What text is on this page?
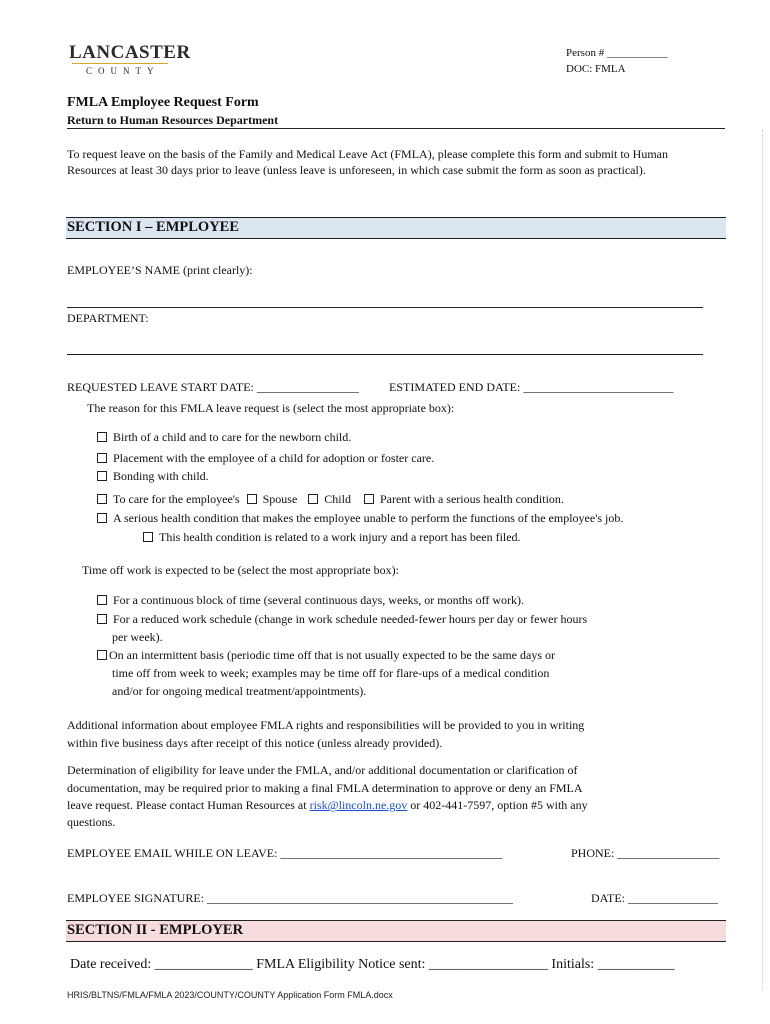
LANCASTER
COUNTY
Person # ___________
DOC: FMLA
FMLA Employee Request Form
Return to Human Resources Department
To request leave on the basis of the Family and Medical Leave Act (FMLA), please complete this form and submit to Human Resources at least 30 days prior to leave (unless leave is unforeseen, in which case submit the form as soon as practical).
SECTION I – EMPLOYEE
EMPLOYEE’S NAME (print clearly):
DEPARTMENT:
REQUESTED LEAVE START DATE: _________________	ESTIMATED END DATE: _________________________
The reason for this FMLA leave request is (select the most appropriate box):
Birth of a child and to care for the newborn child.
Placement with the employee of a child for adoption or foster care.
Bonding with child.
To care for the employee's Spouse Child Parent with a serious health condition.
A serious health condition that makes the employee unable to perform the functions of the employee's job.
This health condition is related to a work injury and a report has been filed.
Time off work is expected to be (select the most appropriate box):
For a continuous block of time (several continuous days, weeks, or months off work).
For a reduced work schedule (change in work schedule needed-fewer hours per day or fewer hours
per week).
On an intermittent basis (periodic time off that is not usually expected to be the same days or
time off from week to week; examples may be time off for flare-ups of a medical condition
and/or for ongoing medical treatment/appointments).
Additional information about employee FMLA rights and responsibilities will be provided to you in writing
within five business days after receipt of this notice (unless already provided).
Determination of eligibility for leave under the FMLA, and/or additional documentation or clarification of
documentation, may be required prior to making a final FMLA determination to approve or deny an FMLA
leave request. Please contact Human Resources at risk@lincoln.ne.gov or 402-441-7597, option #5 with any
questions.
EMPLOYEE EMAIL WHILE ON LEAVE: _____________________________________	PHONE: _________________
EMPLOYEE SIGNATURE: ___________________________________________________	DATE: _______________
SECTION II - EMPLOYER
Date received: ______________ FMLA Eligibility Notice sent: _________________ Initials: ___________
HRIS/BLTNS/FMLA/FMLA 2023/COUNTY/COUNTY Application Form FMLA.docx
